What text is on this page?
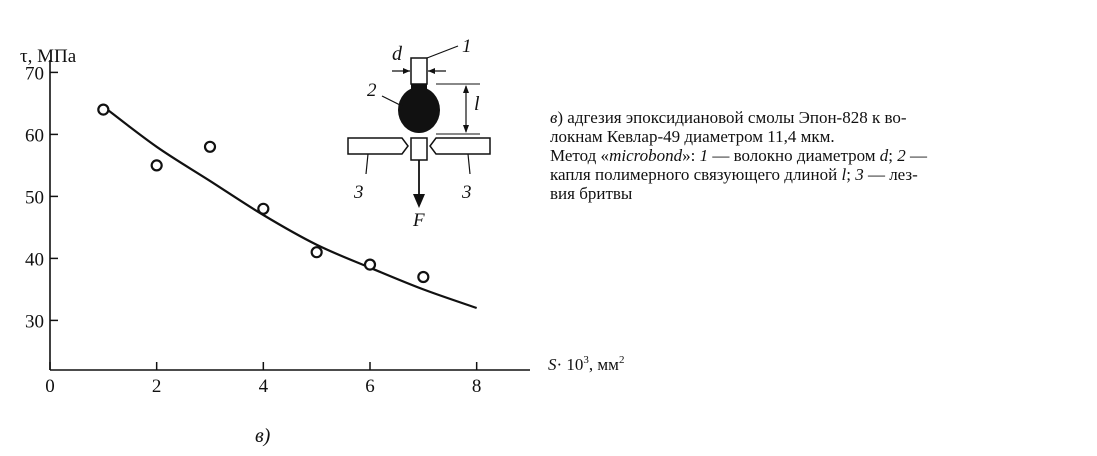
30
40
50
60
70
0	2	4	6	8
τ, МПа
$S\cdot 10^3$, $мм^2$
в)
d	1
2
l
3	3
F

в) адгезия эпоксидиановой смолы Эпон-828 к во-

локнам Кевлар-49 диаметром 11,4 мкм.

Метод «microbond»: 1 — волокно диаметром d; 2 —

капля полимерного связующего длиной l; 3 — лез-

вия бритвы
